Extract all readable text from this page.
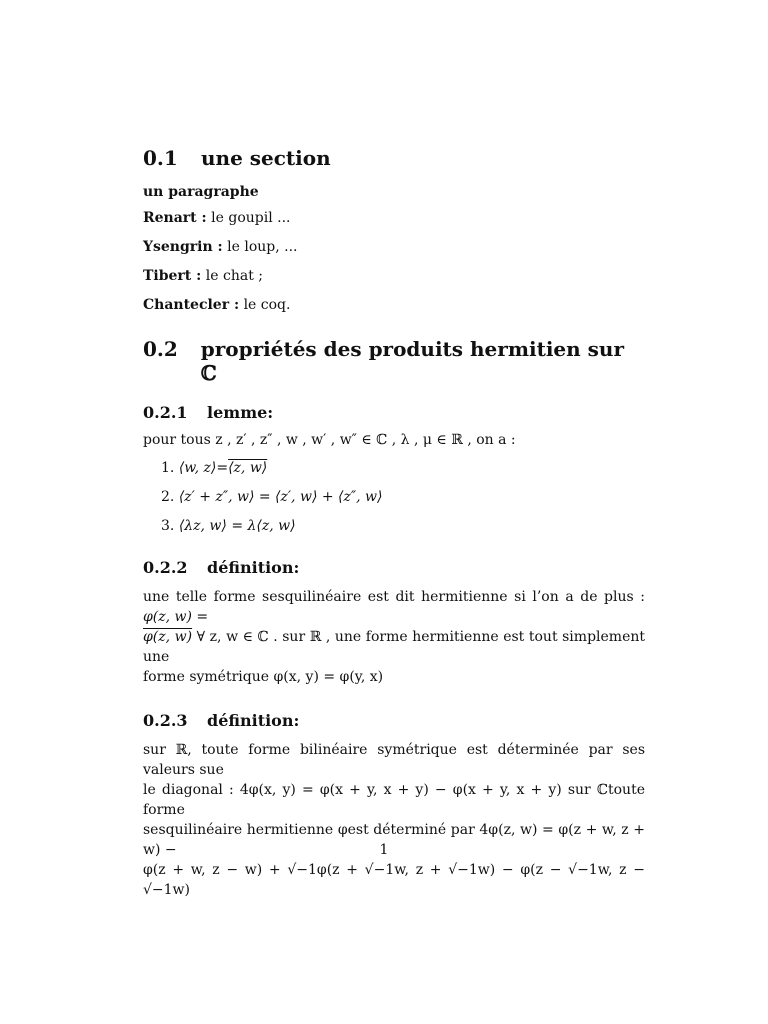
0.1	une section

un paragraphe

Renart : le goupil ...

Ysengrin : le loup, ...

Tibert : le chat ;

Chantecler : le coq.

0.2	propriétés des produits hermitien sur ℂ
0.2.1	lemme:

pour tous z , z′ , z″ , w , w′ , w″ ∈ ℂ , λ , μ ∈ ℝ , on a :

1. ⟨w, z⟩=⟨z, w⟩
2. ⟨z′ + z″, w⟩ = ⟨z′, w⟩ + ⟨z″, w⟩
3. ⟨λz, w⟩ = λ⟨z, w⟩
0.2.2	définition:

une telle forme sesquilinéaire est dit hermitienne si l’on a de plus : φ(z, w) =

φ(z, w) ∀ z, w ∈ ℂ . sur ℝ , une forme hermitienne est tout simplement une

forme symétrique φ(x, y) = φ(y, x)

0.2.3	définition:

sur ℝ, toute forme bilinéaire symétrique est déterminée par ses valeurs sue

le diagonal : 4φ(x, y) = φ(x + y, x + y) − φ(x + y, x + y) sur ℂtoute forme

sesquilinéaire hermitienne φest déterminé par 4φ(z, w) = φ(z + w, z + w) −

φ(z + w, z − w) + √−1φ(z + √−1w, z + √−1w) − φ(z − √−1w, z − √−1w)

1
